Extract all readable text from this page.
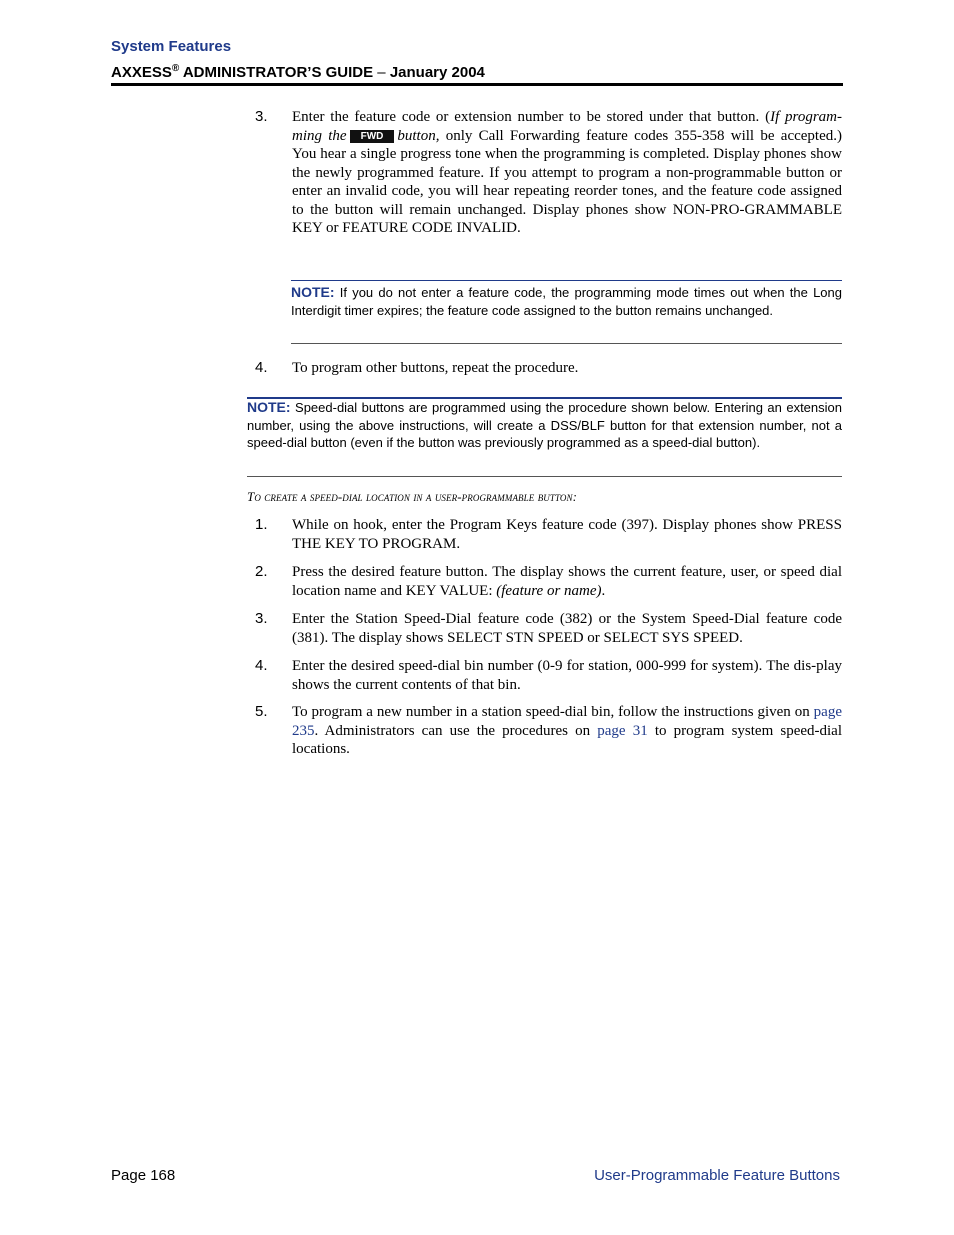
System Features
AXXESS® ADMINISTRATOR’S GUIDE – January 2004
3. Enter the feature code or extension number to be stored under that button. (If program-ming the FWD button, only Call Forwarding feature codes 355-358 will be accepted.) You hear a single progress tone when the programming is completed. Display phones show the newly programmed feature. If you attempt to program a non-programmable button or enter an invalid code, you will hear repeating reorder tones, and the feature code assigned to the button will remain unchanged. Display phones show NON-PRO-GRAMMABLE KEY or FEATURE CODE INVALID.
NOTE: If you do not enter a feature code, the programming mode times out when the Long Interdigit timer expires; the feature code assigned to the button remains unchanged.
4. To program other buttons, repeat the procedure.
NOTE: Speed-dial buttons are programmed using the procedure shown below. Entering an extension number, using the above instructions, will create a DSS/BLF button for that extension number, not a speed-dial button (even if the button was previously programmed as a speed-dial button).
To create a speed-dial location in a user-programmable button:
1. While on hook, enter the Program Keys feature code (397). Display phones show PRESS THE KEY TO PROGRAM.
2. Press the desired feature button. The display shows the current feature, user, or speed dial location name and KEY VALUE: (feature or name).
3. Enter the Station Speed-Dial feature code (382) or the System Speed-Dial feature code (381). The display shows SELECT STN SPEED or SELECT SYS SPEED.
4. Enter the desired speed-dial bin number (0-9 for station, 000-999 for system). The dis-play shows the current contents of that bin.
5. To program a new number in a station speed-dial bin, follow the instructions given on page 235. Administrators can use the procedures on page 31 to program system speed-dial locations.
Page 168	User-Programmable Feature Buttons
